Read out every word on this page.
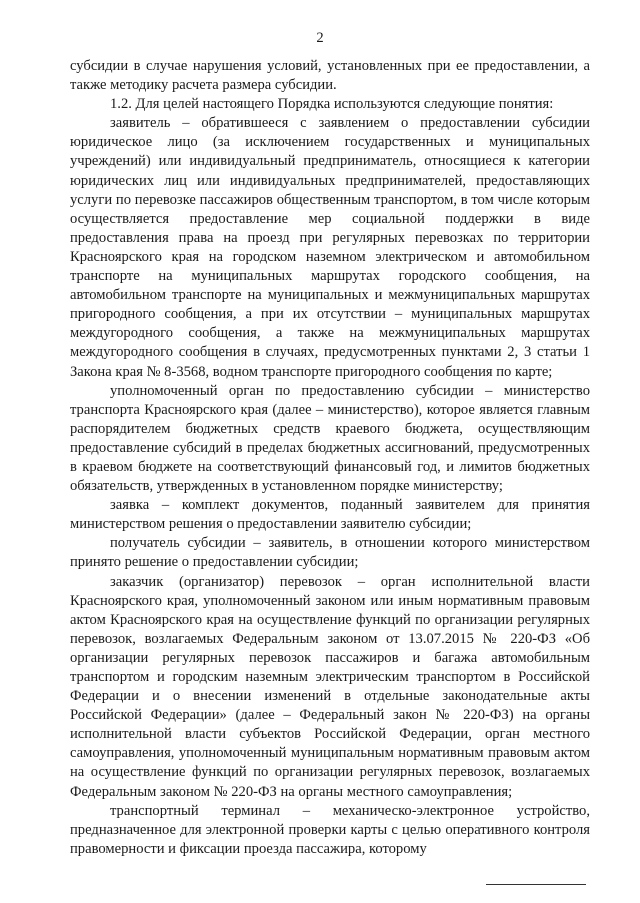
2

субсидии в случае нарушения условий, установленных при ее предоставлении, а также методику расчета размера субсидии.

1.2. Для целей настоящего Порядка используются следующие понятия:

заявитель – обратившееся с заявлением о предоставлении субсидии юридическое лицо (за исключением государственных и муниципальных учреждений) или индивидуальный предприниматель, относящиеся к категории юридических лиц или индивидуальных предпринимателей, предоставляющих услуги по перевозке пассажиров общественным транспортом, в том числе которым осуществляется предоставление мер социальной поддержки в виде предоставления права на проезд при регулярных перевозках по территории Красноярского края на городском наземном электрическом и автомобильном транспорте на муниципальных маршрутах городского сообщения, на автомобильном транспорте на муниципальных и межмуниципальных маршрутах пригородного сообщения, а при их отсутствии – муниципальных маршрутах междугородного сообщения, а также на межмуниципальных маршрутах междугородного сообщения в случаях, предусмотренных пунктами 2, 3 статьи 1 Закона края № 8-3568, водном транспорте пригородного сообщения по карте;

уполномоченный орган по предоставлению субсидии – министерство транспорта Красноярского края (далее – министерство), которое является главным распорядителем бюджетных средств краевого бюджета, осуществляющим предоставление субсидий в пределах бюджетных ассигнований, предусмотренных в краевом бюджете на соответствующий финансовый год, и лимитов бюджетных обязательств, утвержденных в установленном порядке министерству;

заявка – комплект документов, поданный заявителем для принятия министерством решения о предоставлении заявителю субсидии;

получатель субсидии – заявитель, в отношении которого министерством принято решение о предоставлении субсидии;

заказчик (организатор) перевозок – орган исполнительной власти Красноярского края, уполномоченный законом или иным нормативным правовым актом Красноярского края на осуществление функций по организации регулярных перевозок, возлагаемых Федеральным законом от 13.07.2015 № 220-ФЗ «Об организации регулярных перевозок пассажиров и багажа автомобильным транспортом и городским наземным электрическим транспортом в Российской Федерации и о внесении изменений в отдельные законодательные акты Российской Федерации» (далее – Федеральный закон № 220-ФЗ) на органы исполнительной власти субъектов Российской Федерации, орган местного самоуправления, уполномоченный муниципальным нормативным правовым актом на осуществление функций по организации регулярных перевозок, возлагаемых Федеральным законом № 220-ФЗ на органы местного самоуправления;

транспортный терминал – механическо-электронное устройство, предназначенное для электронной проверки карты с целью оперативного контроля правомерности и фиксации проезда пассажира, которому
